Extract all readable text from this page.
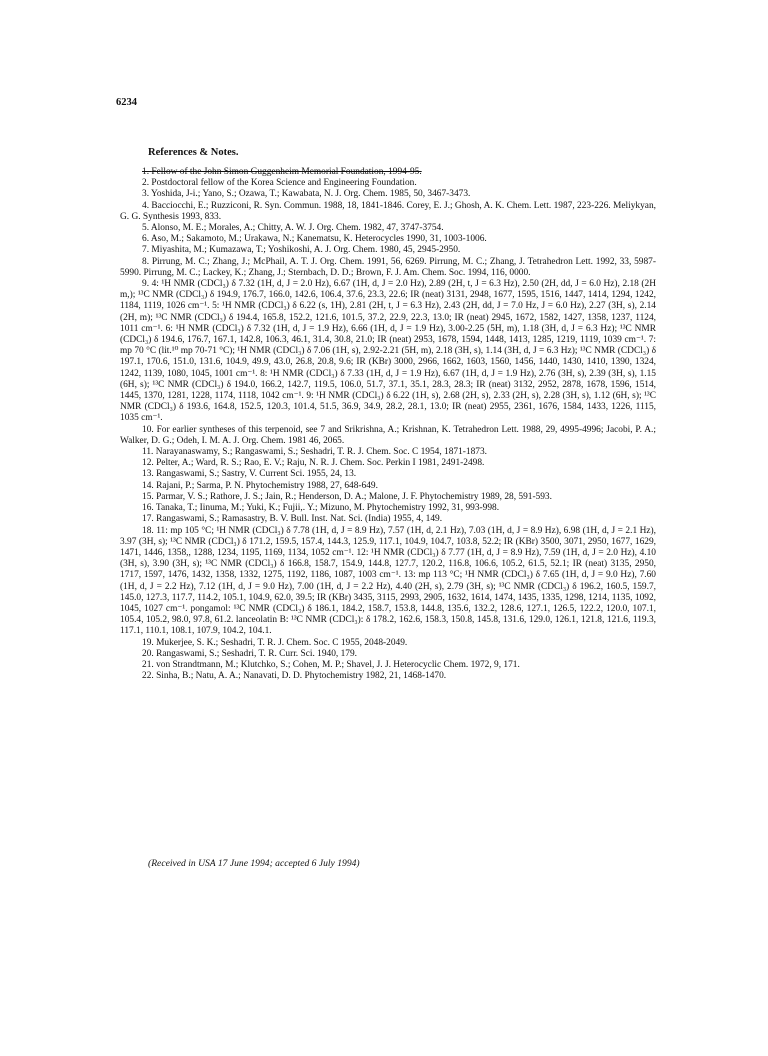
6234
References & Notes.
1. Fellow of the John Simon Guggenheim Memorial Foundation, 1994-95.
2. Postdoctoral fellow of the Korea Science and Engineering Foundation.
3. Yoshida, J-i.; Yano, S.; Ozawa, T.; Kawabata, N. J. Org. Chem. 1985, 50, 3467-3473.
4. Bacciocchi, E.; Ruzziconi, R. Syn. Commun. 1988, 18, 1841-1846. Corey, E. J.; Ghosh, A. K. Chem. Lett. 1987, 223-226. Meliykyan, G. G. Synthesis 1993, 833.
5. Alonso, M. E.; Morales, A.; Chitty, A. W. J. Org. Chem. 1982, 47, 3747-3754.
6. Aso, M.; Sakamoto, M.; Urakawa, N.; Kanematsu, K. Heterocycles 1990, 31, 1003-1006.
7. Miyashita, M.; Kumazawa, T.; Yoshikoshi, A. J. Org. Chem. 1980, 45, 2945-2950.
8. Pirrung, M. C.; Zhang, J.; McPhail, A. T. J. Org. Chem. 1991, 56, 6269. Pirrung, M. C.; Zhang, J. Tetrahedron Lett. 1992, 33, 5987-5990. Pirrung, M. C.; Lackey, K.; Zhang, J.; Sternbach, D. D.; Brown, F. J. Am. Chem. Soc. 1994, 116, 0000.
9. 4: ¹H NMR (CDCl₃) δ 7.32 (1H, d, J = 2.0 Hz), 6.67 (1H, d, J = 2.0 Hz), 2.89 (2H, t, J = 6.3 Hz), 2.50 (2H, dd, J = 6.0 Hz), 2.18 (2H m,); ¹³C NMR (CDCl₃) δ 194.9, 176.7, 166.0, 142.6, 106.4, 37.6, 23.3, 22.6; IR (neat) 3131, 2948, 1677, 1595, 1516, 1447, 1414, 1294, 1242, 1184, 1119, 1026 cm⁻¹. 5: ¹H NMR (CDCl₃) δ 6.22 (s, 1H), 2.81 (2H, t, J = 6.3 Hz), 2.43 (2H, dd, J = 7.0 Hz, J = 6.0 Hz), 2.27 (3H, s), 2.14 (2H, m); ¹³C NMR (CDCl₃) δ 194.4, 165.8, 152.2, 121.6, 101.5, 37.2, 22.9, 22.3, 13.0; IR (neat) 2945, 1672, 1582, 1427, 1358, 1237, 1124, 1011 cm⁻¹. 6: ¹H NMR (CDCl₃) δ 7.32 (1H, d, J = 1.9 Hz), 6.66 (1H, d, J = 1.9 Hz), 3.00-2.25 (5H, m), 1.18 (3H, d, J = 6.3 Hz); ¹³C NMR (CDCl₃) δ 194.6, 176.7, 167.1, 142.8, 106.3, 46.1, 31.4, 30.8, 21.0; IR (neat) 2953, 1678, 1594, 1448, 1413, 1285, 1219, 1119, 1039 cm⁻¹. 7: mp 70 °C (lit.¹⁰ mp 70-71 °C); ¹H NMR (CDCl₃) δ 7.06 (1H, s), 2.92-2.21 (5H, m), 2.18 (3H, s), 1.14 (3H, d, J = 6.3 Hz); ¹³C NMR (CDCl₃) δ 197.1, 170.6, 151.0, 131.6, 104.9, 49.9, 43.0, 26.8, 20.8, 9.6; IR (KBr) 3000, 2966, 1662, 1603, 1560, 1456, 1440, 1430, 1410, 1390, 1324, 1242, 1139, 1080, 1045, 1001 cm⁻¹. 8: ¹H NMR (CDCl₃) δ 7.33 (1H, d, J = 1.9 Hz), 6.67 (1H, d, J = 1.9 Hz), 2.76 (3H, s), 2.39 (3H, s), 1.15 (6H, s); ¹³C NMR (CDCl₃) δ 194.0, 166.2, 142.7, 119.5, 106.0, 51.7, 37.1, 35.1, 28.3, 28.3; IR (neat) 3132, 2952, 2878, 1678, 1596, 1514, 1445, 1370, 1281, 1228, 1174, 1118, 1042 cm⁻¹. 9: ¹H NMR (CDCl₃) δ 6.22 (1H, s), 2.68 (2H, s), 2.33 (2H, s), 2.28 (3H, s), 1.12 (6H, s); ¹³C NMR (CDCl₃) δ 193.6, 164.8, 152.5, 120.3, 101.4, 51.5, 36.9, 34.9, 28.2, 28.1, 13.0; IR (neat) 2955, 2361, 1676, 1584, 1433, 1226, 1115, 1035 cm⁻¹.
10. For earlier syntheses of this terpenoid, see 7 and Srikrishna, A.; Krishnan, K. Tetrahedron Lett. 1988, 29, 4995-4996; Jacobi, P. A.; Walker, D. G.; Odeh, I. M. A. J. Org. Chem. 1981 46, 2065.
11. Narayanaswamy, S.; Rangaswami, S.; Seshadri, T. R. J. Chem. Soc. C 1954, 1871-1873.
12. Pelter, A.; Ward, R. S.; Rao, E. V.; Raju, N. R. J. Chem. Soc. Perkin I 1981, 2491-2498.
13. Rangaswami, S.; Sastry, V. Current Sci. 1955, 24, 13.
14. Rajani, P.; Sarma, P. N. Phytochemistry 1988, 27, 648-649.
15. Parmar, V. S.; Rathore, J. S.; Jain, R.; Henderson, D. A.; Malone, J. F. Phytochemistry 1989, 28, 591-593.
16. Tanaka, T.; Iinuma, M.; Yuki, K.; Fujii,. Y.; Mizuno, M. Phytochemistry 1992, 31, 993-998.
17. Rangaswami, S.; Ramasastry, B. V. Bull. Inst. Nat. Sci. (India) 1955, 4, 149.
18. 11: mp 105 °C; ¹H NMR (CDCl₃) δ 7.78 (1H, d, J = 8.9 Hz), 7.57 (1H, d, 2.1 Hz), 7.03 (1H, d, J = 8.9 Hz), 6.98 (1H, d, J = 2.1 Hz), 3.97 (3H, s); ¹³C NMR (CDCl₃) δ 171.2, 159.5, 157.4, 144.3, 125.9, 117.1, 104.9, 104.7, 103.8, 52.2; IR (KBr) 3500, 3071, 2950, 1677, 1629, 1471, 1446, 1358,, 1288, 1234, 1195, 1169, 1134, 1052 cm⁻¹. 12: ¹H NMR (CDCl₃) δ 7.77 (1H, d, J = 8.9 Hz), 7.59 (1H, d, J = 2.0 Hz), 4.10 (3H, s), 3.90 (3H, s); ¹³C NMR (CDCl₃) δ 166.8, 158.7, 154.9, 144.8, 127.7, 120.2, 116.8, 106.6, 105.2, 61.5, 52.1; IR (neat) 3135, 2950, 1717, 1597, 1476, 1432, 1358, 1332, 1275, 1192, 1186, 1087, 1003 cm⁻¹. 13: mp 113 °C; ¹H NMR (CDCl₃) δ 7.65 (1H, d, J = 9.0 Hz), 7.60 (1H, d, J = 2.2 Hz), 7.12 (1H, d, J = 9.0 Hz), 7.00 (1H, d, J = 2.2 Hz), 4.40 (2H, s), 2.79 (3H, s); ¹³C NMR (CDCl₃) δ 196.2, 160.5, 159.7, 145.0, 127.3, 117.7, 114.2, 105.1, 104.9, 62.0, 39.5; IR (KBr) 3435, 3115, 2993, 2905, 1632, 1614, 1474, 1435, 1335, 1298, 1214, 1135, 1092, 1045, 1027 cm⁻¹. pongamol: ¹³C NMR (CDCl₃) δ 186.1, 184.2, 158.7, 153.8, 144.8, 135.6, 132.2, 128.6, 127.1, 126.5, 122.2, 120.0, 107.1, 105.4, 105.2, 98.0, 97.8, 61.2. lanceolatin B: ¹³C NMR (CDCl₃): δ 178.2, 162.6, 158.3, 150.8, 145.8, 131.6, 129.0, 126.1, 121.8, 121.6, 119.3, 117.1, 110.1, 108.1, 107.9, 104.2, 104.1.
19. Mukerjee, S. K.; Seshadri, T. R. J. Chem. Soc. C 1955, 2048-2049.
20. Rangaswami, S.; Seshadri, T. R. Curr. Sci. 1940, 179.
21. von Strandtmann, M.; Klutchko, S.; Cohen, M. P.; Shavel, J. J. Heterocyclic Chem. 1972, 9, 171.
22. Sinha, B.; Natu, A. A.; Nanavati, D. D. Phytochemistry 1982, 21, 1468-1470.
(Received in USA 17 June 1994; accepted 6 July 1994)
